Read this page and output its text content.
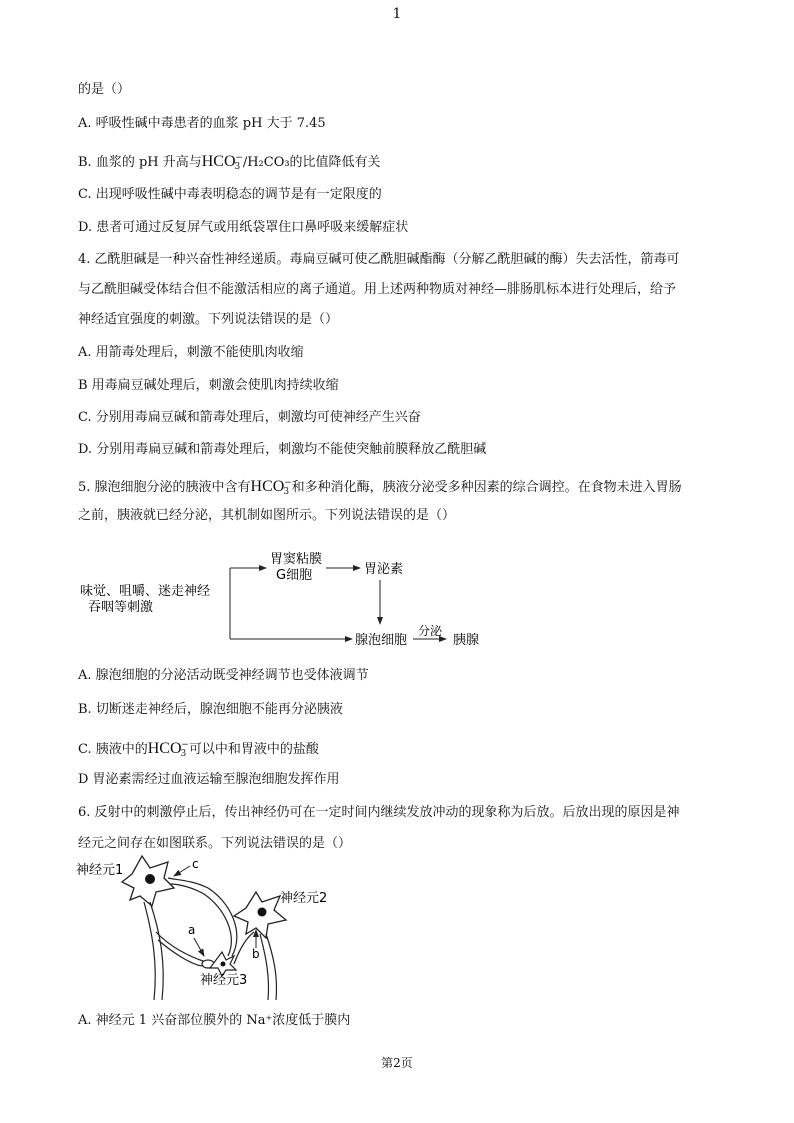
1
的是（）
A. 呼吸性碱中毒患者的血浆 pH 大于 7.45
B. 血浆的 pH 升高与$HCO_3^-$/H₂CO₃的比值降低有关
C. 出现呼吸性碱中毒表明稳态的调节是有一定限度的
D. 患者可通过反复屏气或用纸袋罩住口鼻呼吸来缓解症状
4. 乙酰胆碱是一种兴奋性神经递质。毒扁豆碱可使乙酰胆碱酯酶（分解乙酰胆碱的酶）失去活性，箭毒可
与乙酰胆碱受体结合但不能激活相应的离子通道。用上述两种物质对神经—腓肠肌标本进行处理后，给予
神经适宜强度的刺激。下列说法错误的是（）
A. 用箭毒处理后，刺激不能使肌肉收缩
B 用毒扁豆碱处理后，刺激会使肌肉持续收缩
C. 分别用毒扁豆碱和箭毒处理后，刺激均可使神经产生兴奋
D. 分别用毒扁豆碱和箭毒处理后，刺激均不能使突触前膜释放乙酰胆碱
5. 腺泡细胞分泌的胰液中含有$HCO_3^-$和多种消化酶，胰液分泌受多种因素的综合调控。在食物未进入胃肠
之前，胰液就已经分泌，其机制如图所示。下列说法错误的是（）
味觉、咀嚼、迷走神经
吞咽等刺激
胃窦粘膜
G细胞	胃泌素
腺泡细胞
分泌
胰腺
A. 腺泡细胞的分泌活动既受神经调节也受体液调节
B. 切断迷走神经后，腺泡细胞不能再分泌胰液
C. 胰液中的$HCO_3^-$可以中和胃液中的盐酸
D 胃泌素需经过血液运输至腺泡细胞发挥作用
6. 反射中的刺激停止后，传出神经仍可在一定时间内继续发放冲动的现象称为后放。后放出现的原因是神
经元之间存在如图联系。下列说法错误的是（）
神经元1
神经元3
神经元2
a
b
c
A. 神经元 1 兴奋部位膜外的 Na⁺浓度低于膜内
第2页
